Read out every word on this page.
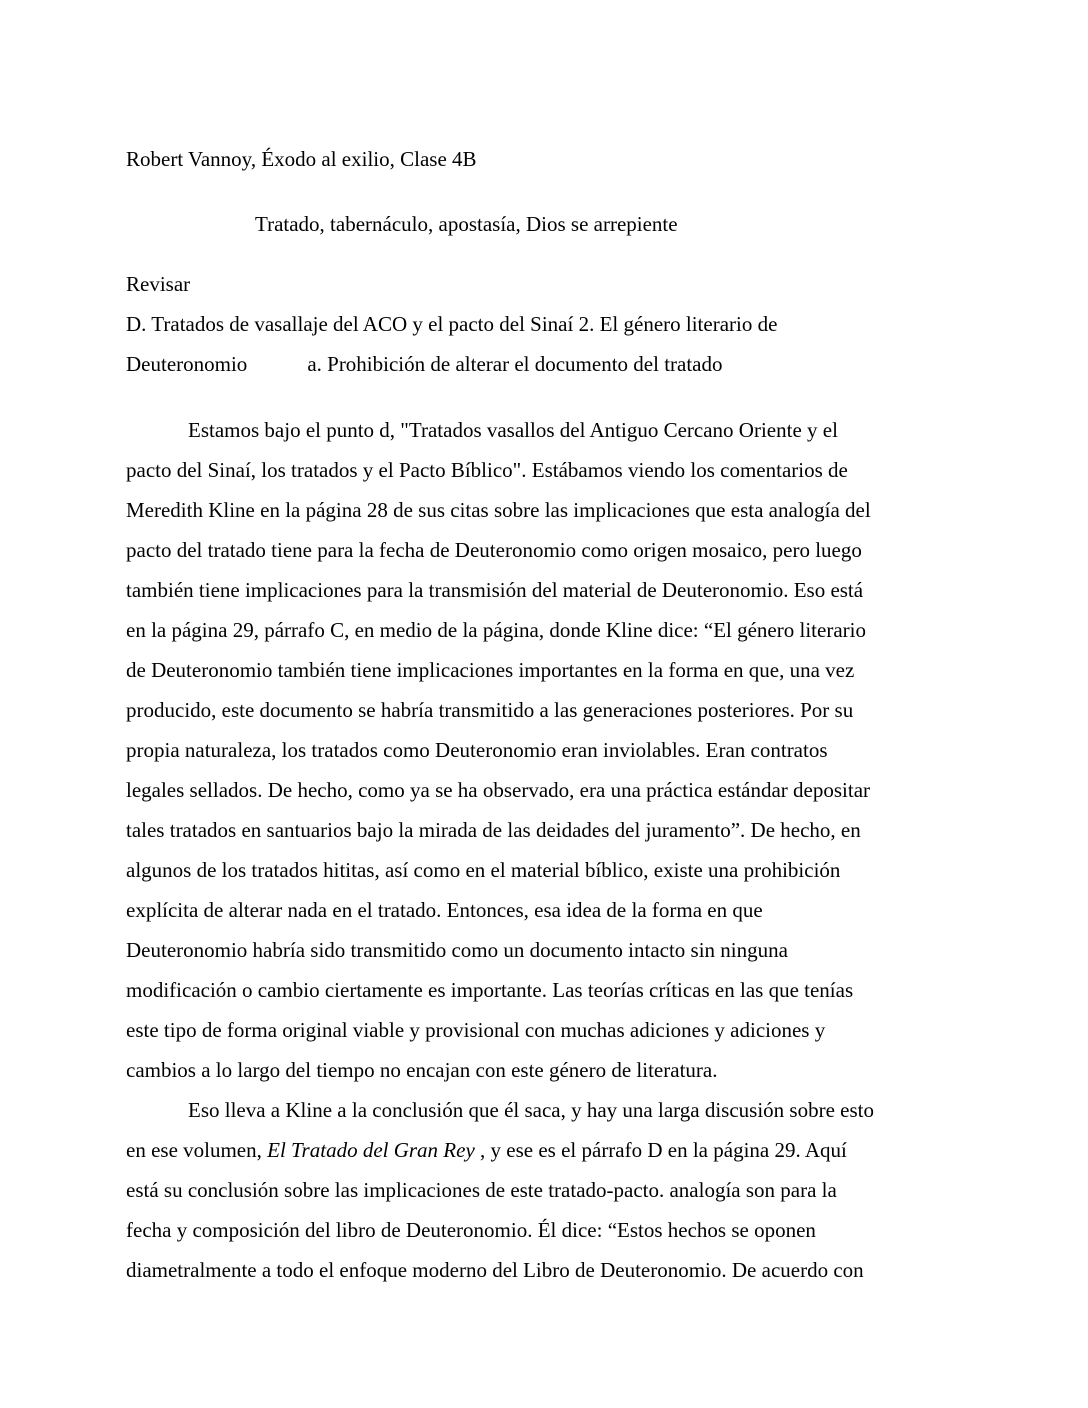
Robert Vannoy, Éxodo al exilio, Clase 4B
Tratado, tabernáculo, apostasía, Dios se arrepiente
Revisar
D. Tratados de vasallaje del ACO y el pacto del Sinaí 2. El género literario de
Deuteronomio	a. Prohibición de alterar el documento del tratado
Estamos bajo el punto d, "Tratados vasallos del Antiguo Cercano Oriente y el
pacto del Sinaí, los tratados y el Pacto Bíblico". Estábamos viendo los comentarios de
Meredith Kline en la página 28 de sus citas sobre las implicaciones que esta analogía del
pacto del tratado tiene para la fecha de Deuteronomio como origen mosaico, pero luego
también tiene implicaciones para la transmisión del material de Deuteronomio. Eso está
en la página 29, párrafo C, en medio de la página, donde Kline dice: “El género literario
de Deuteronomio también tiene implicaciones importantes en la forma en que, una vez
producido, este documento se habría transmitido a las generaciones posteriores. Por su
propia naturaleza, los tratados como Deuteronomio eran inviolables. Eran contratos
legales sellados. De hecho, como ya se ha observado, era una práctica estándar depositar
tales tratados en santuarios bajo la mirada de las deidades del juramento”. De hecho, en
algunos de los tratados hititas, así como en el material bíblico, existe una prohibición
explícita de alterar nada en el tratado. Entonces, esa idea de la forma en que
Deuteronomio habría sido transmitido como un documento intacto sin ninguna
modificación o cambio ciertamente es importante. Las teorías críticas en las que tenías
este tipo de forma original viable y provisional con muchas adiciones y adiciones y
cambios a lo largo del tiempo no encajan con este género de literatura.
Eso lleva a Kline a la conclusión que él saca, y hay una larga discusión sobre esto
en ese volumen, El Tratado del Gran Rey , y ese es el párrafo D en la página 29. Aquí
está su conclusión sobre las implicaciones de este tratado-pacto. analogía son para la
fecha y composición del libro de Deuteronomio. Él dice: “Estos hechos se oponen
diametralmente a todo el enfoque moderno del Libro de Deuteronomio. De acuerdo con
